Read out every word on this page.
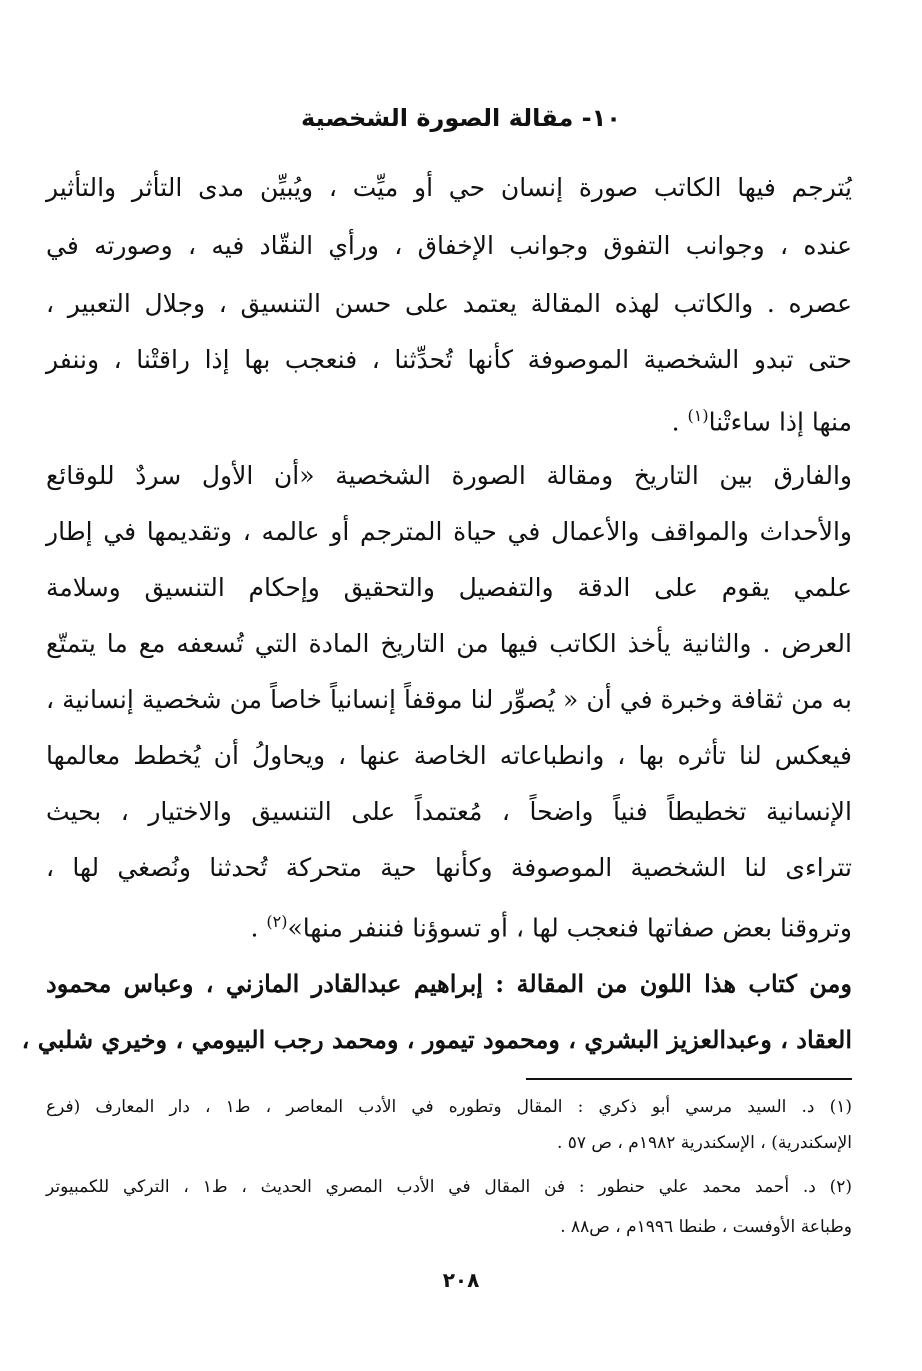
١٠- مقالة الصورة الشخصية
يُترجم فيها الكاتب صورة إنسان حي أو ميِّت ، ويُبيِّن مدى التأثر والتأثير
عنده ، وجوانب التفوق وجوانب الإخفاق ، ورأي النقّاد فيه ، وصورته في
عصره . والكاتب لهذه المقالة يعتمد على حسن التنسيق ، وجلال التعبير ،
حتى تبدو الشخصية الموصوفة كأنها تُحدِّثنا ، فنعجب بها إذا راقتْنا ، وننفر
منها إذا ساءتْنا$^{(١)}$ .
والفارق بين التاريخ ومقالة الصورة الشخصية «أن الأول سردٌ للوقائع
والأحداث والمواقف والأعمال في حياة المترجم أو عالمه ، وتقديمها في إطار
علمي يقوم على الدقة والتفصيل والتحقيق وإحكام التنسيق وسلامة
العرض . والثانية يأخذ الكاتب فيها من التاريخ المادة التي تُسعفه مع ما يتمتّع
به من ثقافة وخبرة في أن « يُصوِّر لنا موقفاً إنسانياً خاصاً من شخصية إنسانية ،
فيعكس لنا تأثره بها ، وانطباعاته الخاصة عنها ، ويحاولُ أن يُخطط معالمها
الإنسانية تخطيطاً فنياً واضحاً ، مُعتمداً على التنسيق والاختيار ، بحيث
تتراءى لنا الشخصية الموصوفة وكأنها حية متحركة تُحدثنا ونُصغي لها ،
وتروقنا بعض صفاتها فنعجب لها ، أو تسوؤنا فننفر منها»$^{(٢)}$ .
ومن كتاب هذا اللون من المقالة : إبراهيم عبدالقادر المازني ، وعباس محمود
العقاد ، وعبدالعزيز البشري ، ومحمود تيمور ، ومحمد رجب البيومي ، وخيري شلبي ،
(١) د. السيد مرسي أبو ذكري : المقال وتطوره في الأدب المعاصر ، ط١ ، دار المعارف (فرع
الإسكندرية) ، الإسكندرية ١٩٨٢م ، ص ٥٧ .
(٢) د. أحمد محمد علي حنطور : فن المقال في الأدب المصري الحديث ، ط١ ، التركي للكمبيوتر
وطباعة الأوفست ، طنطا ١٩٩٦م ، ص٨٨ .
٢٠٨
